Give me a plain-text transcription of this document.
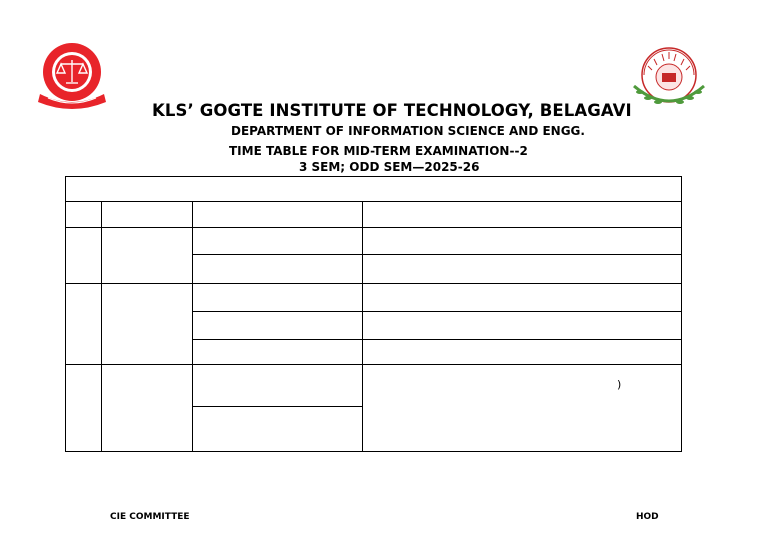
KLS’ GOGTE INSTITUTE OF TECHNOLOGY, BELAGAVI
DEPARTMENT OF INFORMATION SCIENCE AND ENGG.
TIME TABLE FOR MID-TERM EXAMINATION--2
3 SEM; ODD SEM—2025-26
)
CIE COMMITTEE	HOD
